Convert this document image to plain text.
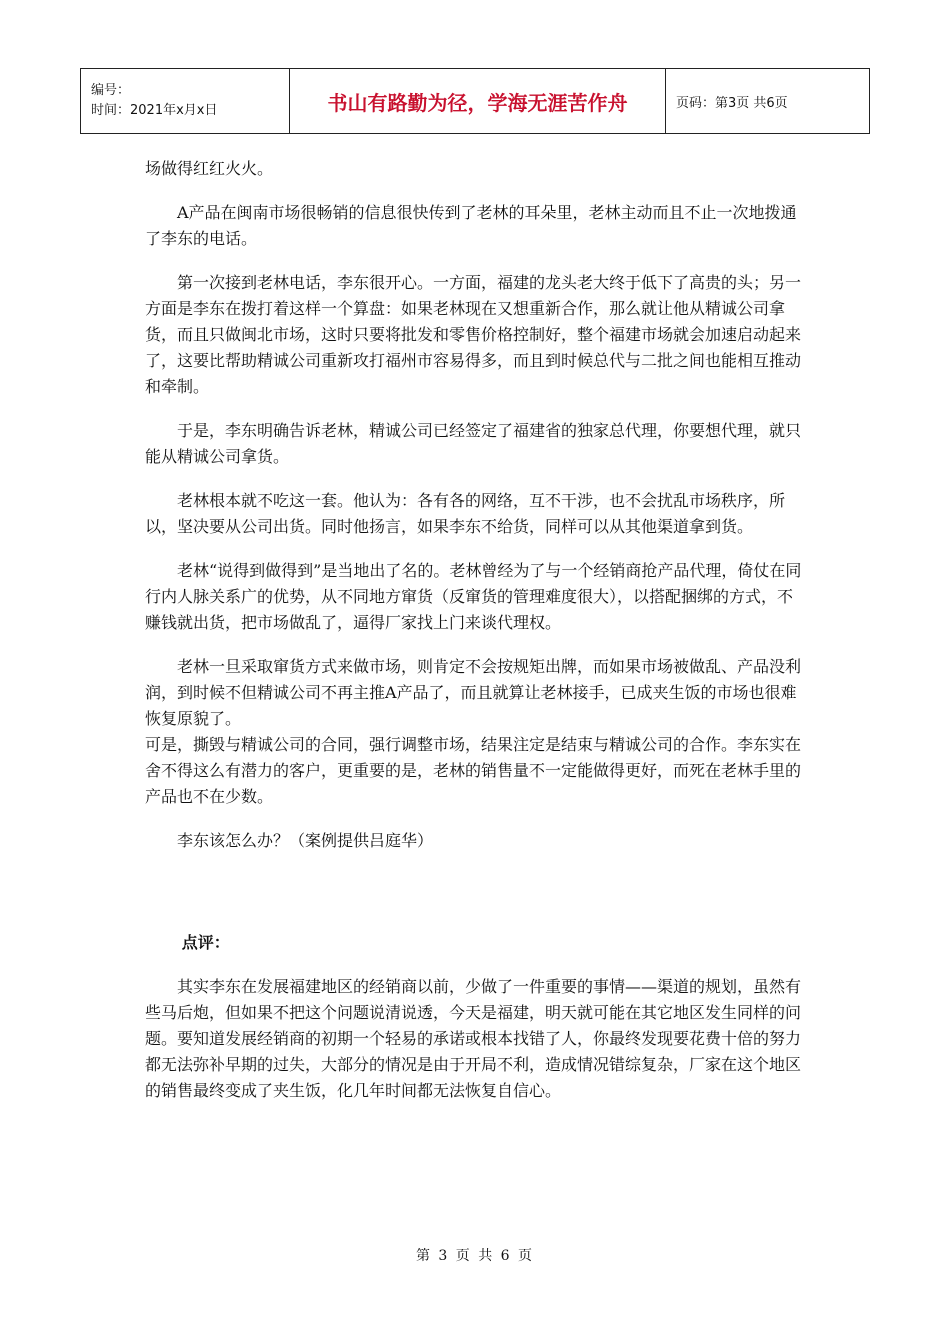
编号：
时间：2021年x月x日	书山有路勤为径，学海无涯苦作舟	页码：第3页 共6页

场做得红红火火。

A产品在闽南市场很畅销的信息很快传到了老林的耳朵里，老林主动而且不止一次地拨通了李东的电话。

第一次接到老林电话，李东很开心。一方面，福建的龙头老大终于低下了高贵的头；另一方面是李东在拨打着这样一个算盘：如果老林现在又想重新合作，那么就让他从精诚公司拿货，而且只做闽北市场，这时只要将批发和零售价格控制好，整个福建市场就会加速启动起来了，这要比帮助精诚公司重新攻打福州市容易得多，而且到时候总代与二批之间也能相互推动和牵制。

于是，李东明确告诉老林，精诚公司已经签定了福建省的独家总代理，你要想代理，就只能从精诚公司拿货。

老林根本就不吃这一套。他认为：各有各的网络，互不干涉，也不会扰乱市场秩序，所以，坚决要从公司出货。同时他扬言，如果李东不给货，同样可以从其他渠道拿到货。

老林“说得到做得到”是当地出了名的。老林曾经为了与一个经销商抢产品代理，倚仗在同行内人脉关系广的优势，从不同地方窜货（反窜货的管理难度很大），以搭配捆绑的方式，不赚钱就出货，把市场做乱了，逼得厂家找上门来谈代理权。

老林一旦采取窜货方式来做市场，则肯定不会按规矩出牌，而如果市场被做乱、产品没利润，到时候不但精诚公司不再主推A产品了，而且就算让老林接手，已成夹生饭的市场也很难恢复原貌了。

可是，撕毁与精诚公司的合同，强行调整市场，结果注定是结束与精诚公司的合作。李东实在舍不得这么有潜力的客户，更重要的是，老林的销售量不一定能做得更好，而死在老林手里的产品也不在少数。

李东该怎么办？（案例提供吕庭华）

点评：

其实李东在发展福建地区的经销商以前，少做了一件重要的事情——渠道的规划，虽然有些马后炮，但如果不把这个问题说清说透，今天是福建，明天就可能在其它地区发生同样的问题。要知道发展经销商的初期一个轻易的承诺或根本找错了人，你最终发现要花费十倍的努力都无法弥补早期的过失，大部分的情况是由于开局不利，造成情况错综复杂，厂家在这个地区的销售最终变成了夹生饭，化几年时间都无法恢复自信心。

第 3 页 共 6 页
